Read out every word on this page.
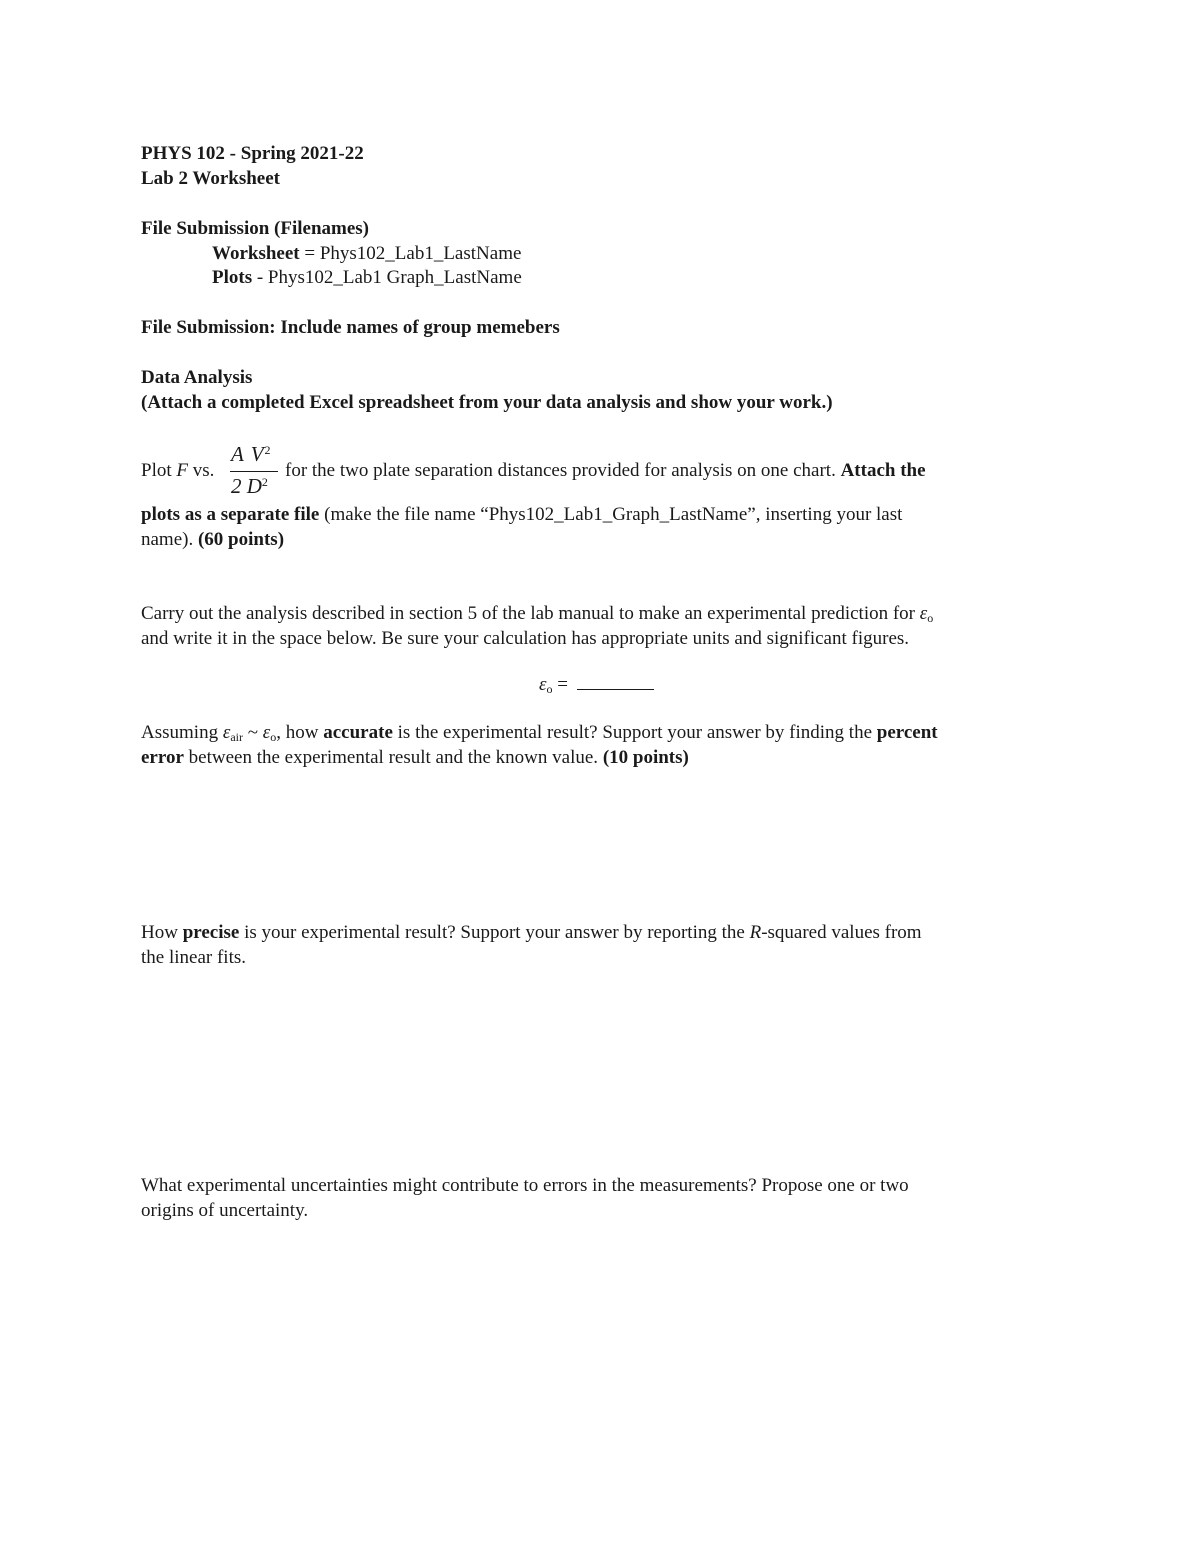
PHYS 102 - Spring 2021-22
Lab 2 Worksheet
File Submission (Filenames)
Worksheet = Phys102_Lab1_LastName
Plots - Phys102_Lab1 Graph_LastName
File Submission: Include names of group memebers
Data Analysis
(Attach a completed Excel spreadsheet from your data analysis and show your work.)
Plot F vs.
A $V^2$
2 $D^2$
for the two plate separation distances provided for analysis on one chart. Attach the
plots as a separate file (make the file name “Phys102_Lab1_Graph_LastName”, inserting your last
name). (60 points)
Carry out the analysis described in section 5 of the lab manual to make an experimental prediction for $\varepsilon_o$
and write it in the space below. Be sure your calculation has appropriate units and significant figures.
$\varepsilon_o$ =
Assuming $\varepsilon_{air}$ ~ $\varepsilon_o$, how accurate is the experimental result? Support your answer by finding the percent
error between the experimental result and the known value. (10 points)
How precise is your experimental result? Support your answer by reporting the R-squared values from
the linear fits.
What experimental uncertainties might contribute to errors in the measurements? Propose one or two
origins of uncertainty.
